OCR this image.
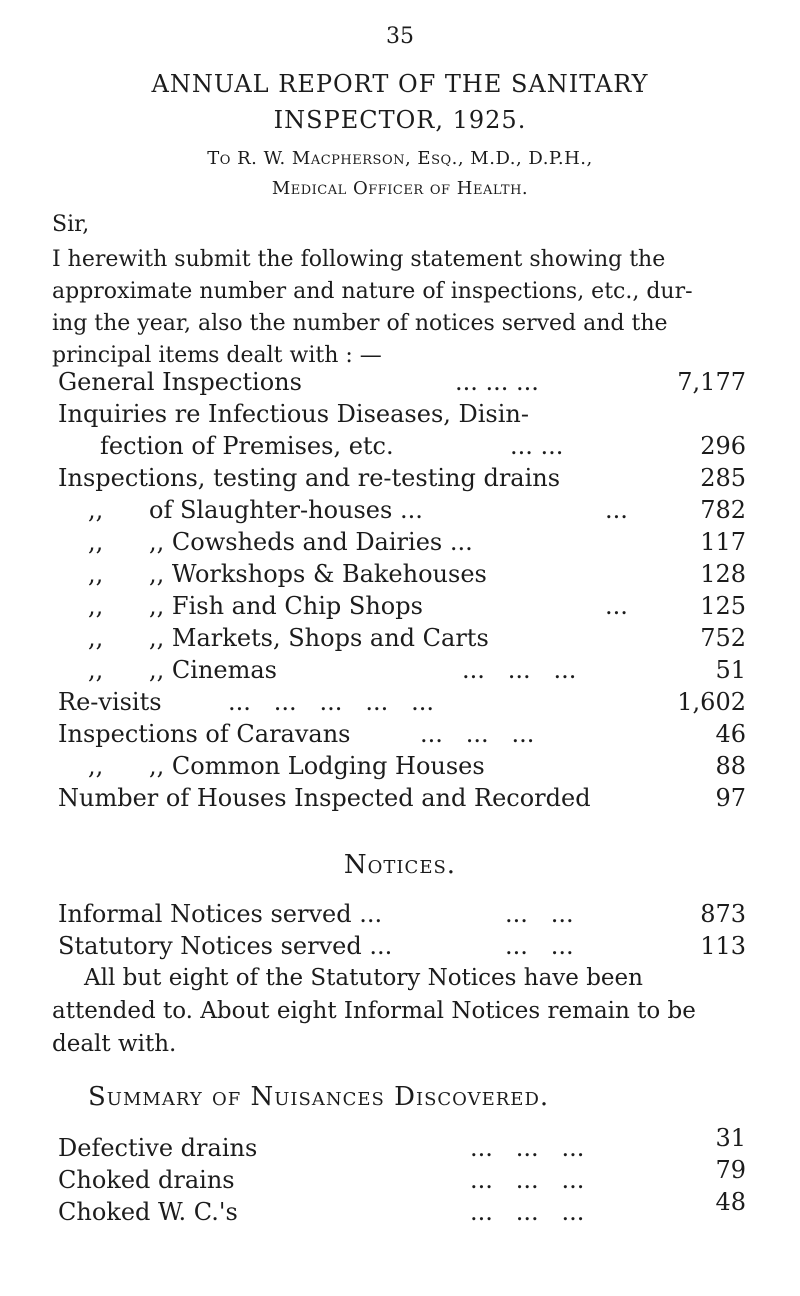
35
ANNUAL REPORT OF THE SANITARY
INSPECTOR, 1925.
To R. W. Macpherson, Esq., M.D., D.P.H.,
Medical Officer of Health.
Sir,
I herewith submit the following statement showing the
approximate number and nature of inspections, etc., dur-
ing the year, also the number of notices served and the
principal items dealt with : —
General Inspections	... ... ...	7,177
Inquiries re Infectious Diseases, Disin-
fection of Premises, etc.	... ...	296
Inspections, testing and re-testing drains	285
,,      of Slaughter-houses ...	...	782
,,      ,, Cowsheds and Dairies ...	117
,,      ,, Workshops & Bakehouses	128
,,      ,, Fish and Chip Shops	...	125
,,      ,, Markets, Shops and Carts	752
,,      ,, Cinemas	...   ...   ...	51
Re-visits	...   ...   ...   ...   ...	1,602
Inspections of Caravans	...   ...   ...	46
,,      ,, Common Lodging Houses	88
Number of Houses Inspected and Recorded	97
Notices.
Informal Notices served ...	...   ...	873
Statutory Notices served ...	...   ...	113
All but eight of the Statutory Notices have been
attended to. About eight Informal Notices remain to be
dealt with.
Summary of Nuisances Discovered.
Defective drains	...   ...   ...	31
Choked drains	...   ...   ...	79
Choked W. C.'s	...   ...   ...	48
